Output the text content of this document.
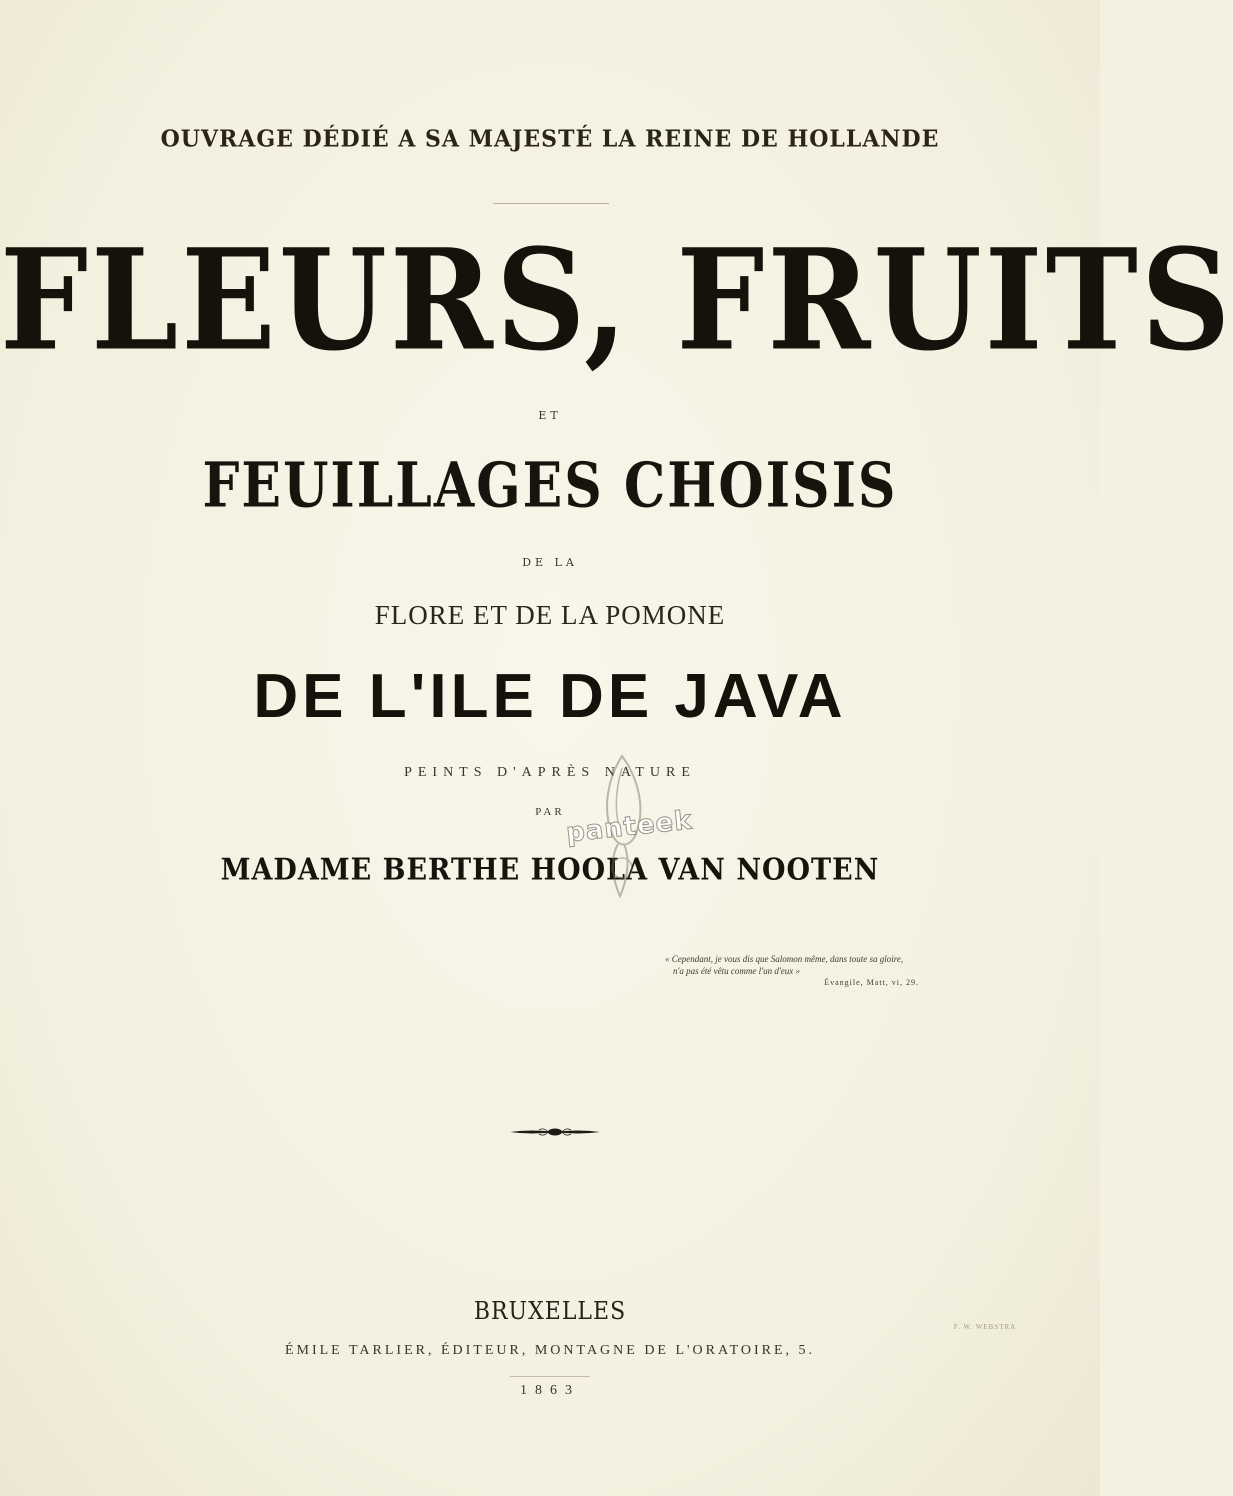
OUVRAGE DÉDIÉ A SA MAJESTÉ LA REINE DE HOLLANDE
FLEURS, FRUITS
ET
FEUILLAGES CHOISIS
DE LA
FLORE ET DE LA POMONE
DE L'ILE DE JAVA
PEINTS D'APRÈS NATURE
PAR
MADAME BERTHE HOOLA VAN NOOTEN
panteek
« Cependant, je vous dis que Salomon même, dans toute sa gloire,
n'a pas été vêtu comme l'un d'eux »
Évangile, Matt, vi, 29.
BRUXELLES
ÉMILE TARLIER, ÉDITEUR, MONTAGNE DE L'ORATOIRE, 5.
1863
F. W. WEBSTRA
